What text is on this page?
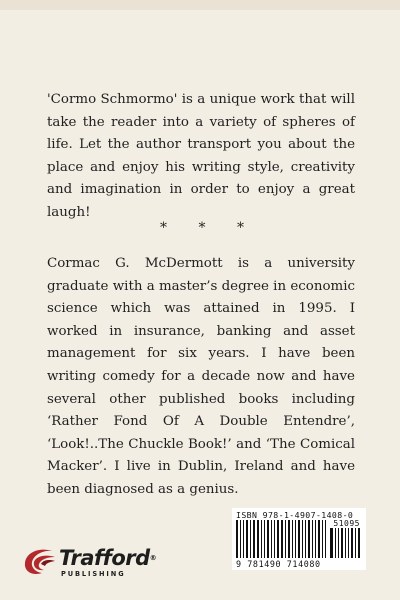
'Cormo Schmormo' is a unique work that will take the reader into a variety of spheres of life. Let the author transport you about the place and enjoy his writing style, creativity and imagination in order to enjoy a great laugh!

* * *

Cormac G. McDermott is a university graduate with a master’s degree in economic science which was attained in 1995. I worked in insurance, banking and asset management for six years. I have been writing comedy for a decade now and have several other published books including ‘Rather Fond Of A Double Entendre’, ‘Look!..The Chuckle Book!’ and ‘The Comical Macker’. I live in Dublin, Ireland and have been diagnosed as a genius.

ISBN 978-1-4907-1408-0
51095
9 781490 714080
Trafford®
PUBLISHING
